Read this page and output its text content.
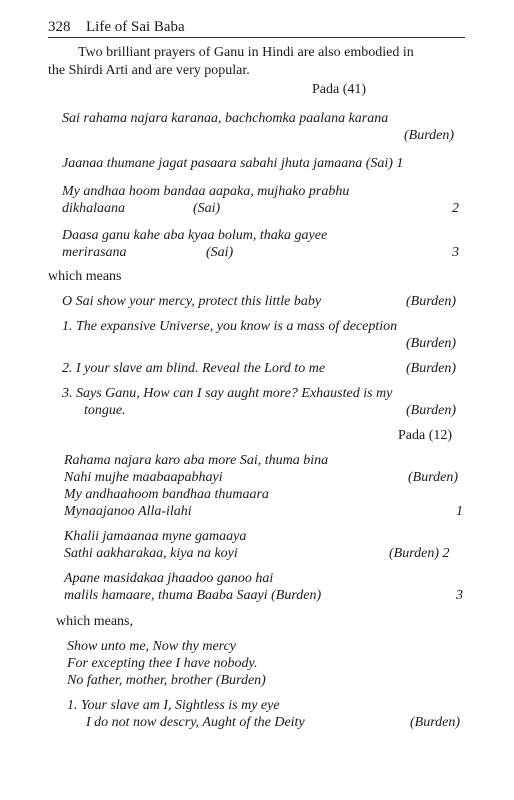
328 Life of Sai Baba
Two brilliant prayers of Ganu in Hindi are also embodied in
the Shirdi Arti and are very popular.
Pada (41)
Sai rahama najara karanaa, bachchomka paalana karana
(Burden)
Jaanaa thumane jagat pasaara sabahi jhuta jamaana (Sai) 1
My andhaa hoom bandaa aapaka, mujhako prabhu
dikhalaana	(Sai)	2
Daasa ganu kahe aba kyaa bolum, thaka gayee
merirasana	(Sai)	3
which means
O Sai show your mercy, protect this little baby	(Burden)
1. The expansive Universe, you know is a mass of deception
(Burden)
2. I your slave am blind. Reveal the Lord to me	(Burden)
3. Says Ganu, How can I say aught more? Exhausted is my
tongue.	(Burden)
Pada (12)
Rahama najara karo aba more Sai, thuma bina
Nahi mujhe maabaapabhayi	(Burden)
My andhaahoom bandhaa thumaara
Mynaajanoo Alla-ilahi	1
Khalii jamaanaa myne gamaaya
Sathi aakharakaa, kiya na koyi	(Burden) 2
Apane masidakaa jhaadoo ganoo hai
malils hamaare, thuma Baaba Saayi (Burden)	3
which means,
Show unto me, Now thy mercy
For excepting thee I have nobody.
No father, mother, brother (Burden)
1. Your slave am I, Sightless is my eye
I do not now descry, Aught of the Deity	(Burden)
